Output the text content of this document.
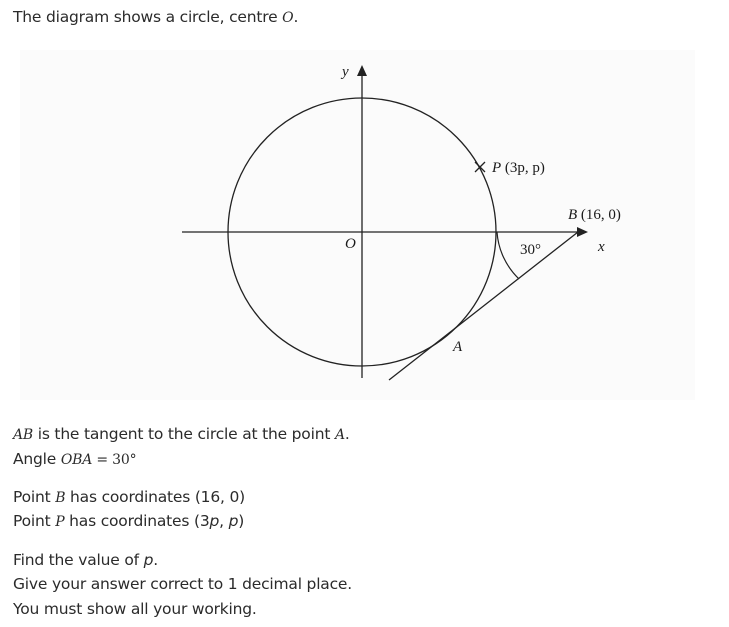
The diagram shows a circle, centre O.
y
x
O
P (3p, p)
B (16, 0)
A
30°
AB is the tangent to the circle at the point A.
Angle OBA = 30°
Point B has coordinates (16, 0)
Point P has coordinates (3p, p)
Find the value of p.
Give your answer correct to 1 decimal place.
You must show all your working.
